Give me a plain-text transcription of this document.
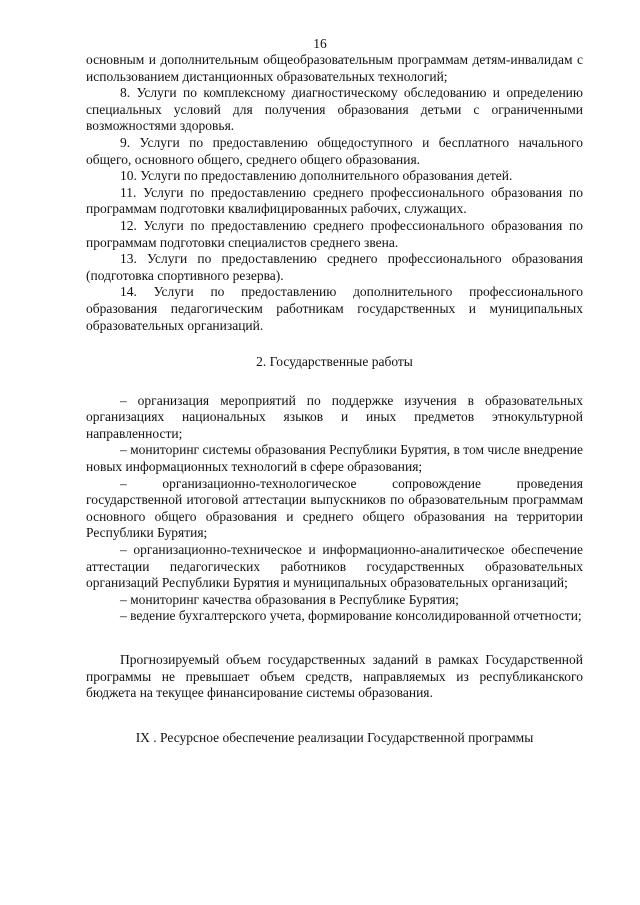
16

основным и дополнительным общеобразовательным программам детям-инвалидам с использованием дистанционных образовательных технологий;

8. Услуги по комплексному диагностическому обследованию и определению специальных условий для получения образования детьми с ограниченными возможностями здоровья.

9. Услуги по предоставлению общедоступного и бесплатного начального общего, основного общего, среднего общего образования.

10. Услуги по предоставлению дополнительного образования детей.

11. Услуги по предоставлению среднего профессионального образования по программам подготовки квалифицированных рабочих, служащих.

12. Услуги по предоставлению среднего профессионального образования по программам подготовки специалистов среднего звена.

13. Услуги по предоставлению среднего профессионального образования (подготовка спортивного резерва).

14. Услуги по предоставлению дополнительного профессионального образования педагогическим работникам государственных и муниципальных образовательных организаций.

2. Государственные работы

– организация мероприятий по поддержке изучения в образовательных организациях национальных языков и иных предметов этнокультурной направленности;

– мониторинг системы образования Республики Бурятия, в том числе внедрение новых информационных технологий в сфере образования;

– организационно-технологическое сопровождение проведения государственной итоговой аттестации выпускников по образовательным программам основного общего образования и среднего общего образования на территории Республики Бурятия;

– организационно-техническое и информационно-аналитическое обеспечение аттестации педагогических работников государственных образовательных организаций Республики Бурятия и муниципальных образовательных организаций;

– мониторинг качества образования в Республике Бурятия;

– ведение бухгалтерского учета, формирование консолидированной отчетности;

Прогнозируемый объем государственных заданий в рамках Государственной программы не превышает объем средств, направляемых из республиканского бюджета на текущее финансирование системы образования.

IX . Ресурсное обеспечение реализации Государственной программы
